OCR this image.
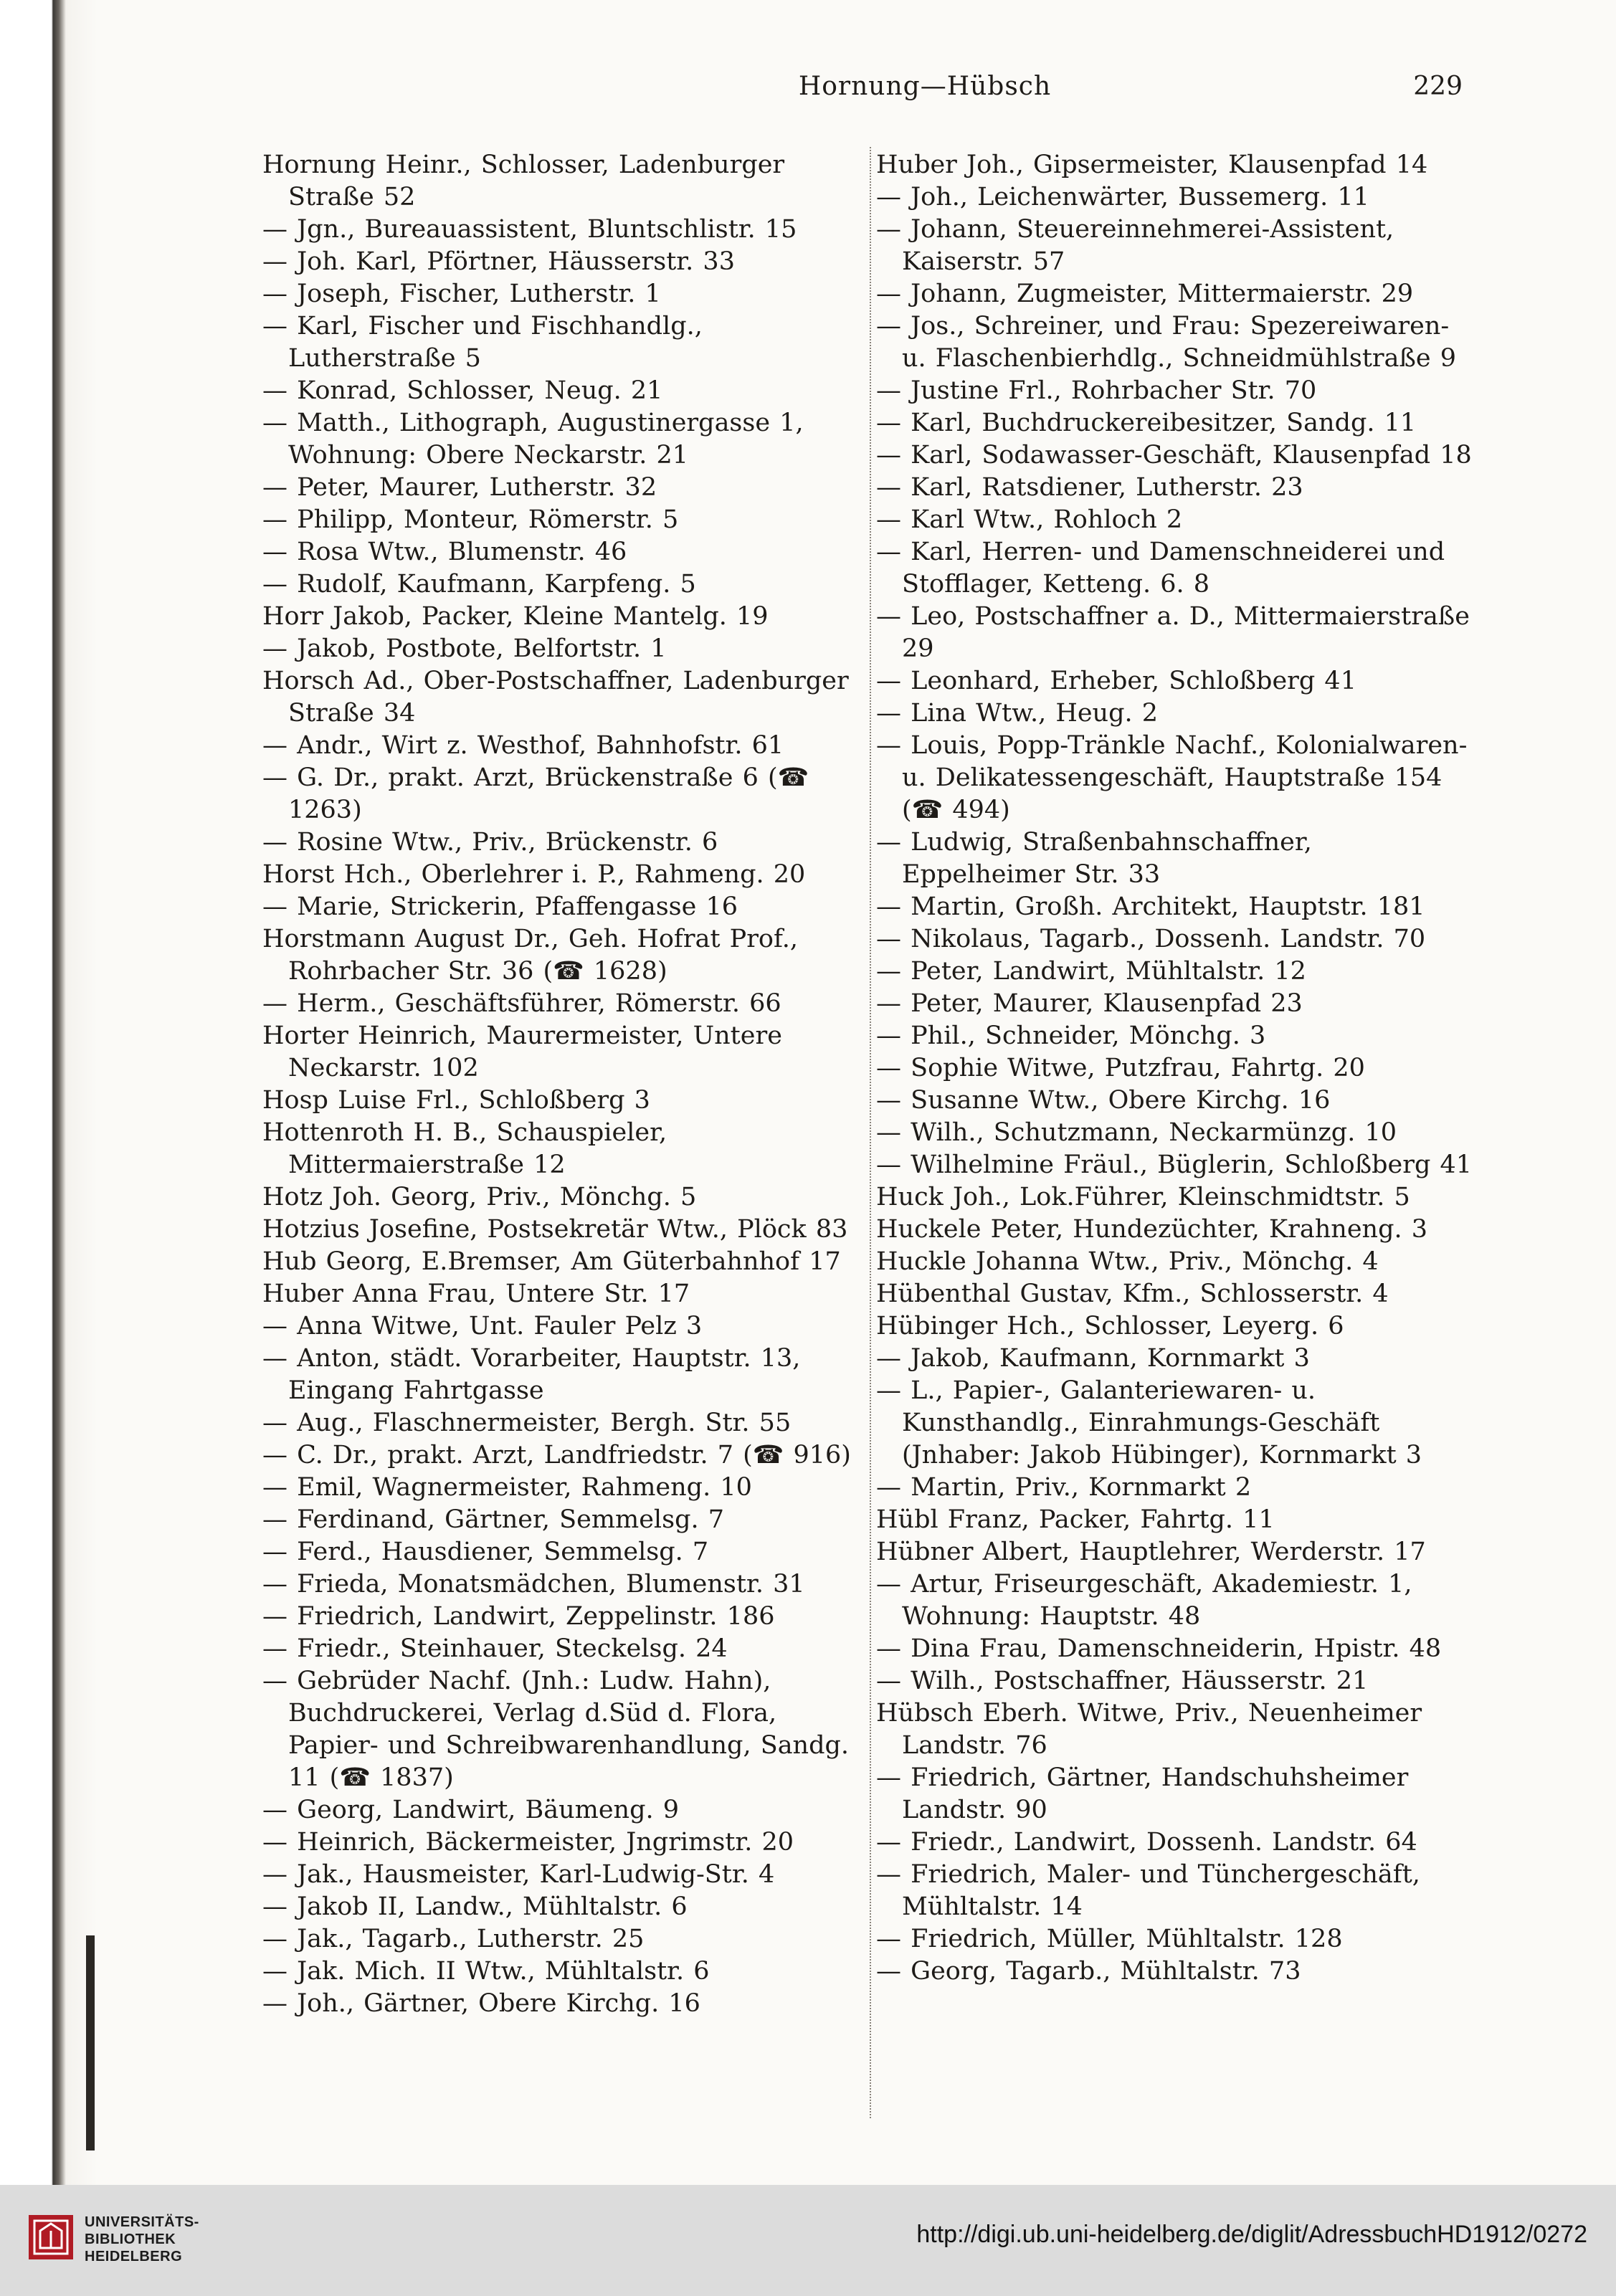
Hornung—Hübsch	229
Hornung Heinr., Schlosser, Ladenburger Straße 52
— Jgn., Bureauassistent, Bluntschlistr. 15
— Joh. Karl, Pförtner, Häusserstr. 33
— Joseph, Fischer, Lutherstr. 1
— Karl, Fischer und Fischhandlg., Lutherstraße 5
— Konrad, Schlosser, Neug. 21
— Matth., Lithograph, Augustinergasse 1, Wohnung: Obere Neckarstr. 21
— Peter, Maurer, Lutherstr. 32
— Philipp, Monteur, Römerstr. 5
— Rosa Wtw., Blumenstr. 46
— Rudolf, Kaufmann, Karpfeng. 5
Horr Jakob, Packer, Kleine Mantelg. 19
— Jakob, Postbote, Belfortstr. 1
Horsch Ad., Ober-Postschaffner, Ladenburger Straße 34
— Andr., Wirt z. Westhof, Bahnhofstr. 61
— G. Dr., prakt. Arzt, Brückenstraße 6 (☎ 1263)
— Rosine Wtw., Priv., Brückenstr. 6
Horst Hch., Oberlehrer i. P., Rahmeng. 20
— Marie, Strickerin, Pfaffengasse 16
Horstmann August Dr., Geh. Hofrat Prof., Rohrbacher Str. 36 (☎ 1628)
— Herm., Geschäftsführer, Römerstr. 66
Horter Heinrich, Maurermeister, Untere Neckarstr. 102
Hosp Luise Frl., Schloßberg 3
Hottenroth H. B., Schauspieler, Mittermaierstraße 12
Hotz Joh. Georg, Priv., Mönchg. 5
Hotzius Josefine, Postsekretär Wtw., Plöck 83
Hub Georg, E.Bremser, Am Güterbahnhof 17
Huber Anna Frau, Untere Str. 17
— Anna Witwe, Unt. Fauler Pelz 3
— Anton, städt. Vorarbeiter, Hauptstr. 13, Eingang Fahrtgasse
— Aug., Flaschnermeister, Bergh. Str. 55
— C. Dr., prakt. Arzt, Landfriedstr. 7 (☎ 916)
— Emil, Wagnermeister, Rahmeng. 10
— Ferdinand, Gärtner, Semmelsg. 7
— Ferd., Hausdiener, Semmelsg. 7
— Frieda, Monatsmädchen, Blumenstr. 31
— Friedrich, Landwirt, Zeppelinstr. 186
— Friedr., Steinhauer, Steckelsg. 24
— Gebrüder Nachf. (Jnh.: Ludw. Hahn), Buchdruckerei, Verlag d.Süd d. Flora, Papier- und Schreibwarenhandlung, Sandg. 11 (☎ 1837)
— Georg, Landwirt, Bäumeng. 9
— Heinrich, Bäckermeister, Jngrimstr. 20
— Jak., Hausmeister, Karl-Ludwig-Str. 4
— Jakob II, Landw., Mühltalstr. 6
— Jak., Tagarb., Lutherstr. 25
— Jak. Mich. II Wtw., Mühltalstr. 6
— Joh., Gärtner, Obere Kirchg. 16
Huber Joh., Gipsermeister, Klausenpfad 14
— Joh., Leichenwärter, Bussemerg. 11
— Johann, Steuereinnehmerei-Assistent, Kaiserstr. 57
— Johann, Zugmeister, Mittermaierstr. 29
— Jos., Schreiner, und Frau: Spezereiwaren- u. Flaschenbierhdlg., Schneidmühlstraße 9
— Justine Frl., Rohrbacher Str. 70
— Karl, Buchdruckereibesitzer, Sandg. 11
— Karl, Sodawasser-Geschäft, Klausenpfad 18
— Karl, Ratsdiener, Lutherstr. 23
— Karl Wtw., Rohloch 2
— Karl, Herren- und Damenschneiderei und Stofflager, Ketteng. 6. 8
— Leo, Postschaffner a. D., Mittermaierstraße 29
— Leonhard, Erheber, Schloßberg 41
— Lina Wtw., Heug. 2
— Louis, Popp-Tränkle Nachf., Kolonialwaren- u. Delikatessengeschäft, Hauptstraße 154 (☎ 494)
— Ludwig, Straßenbahnschaffner, Eppelheimer Str. 33
— Martin, Großh. Architekt, Hauptstr. 181
— Nikolaus, Tagarb., Dossenh. Landstr. 70
— Peter, Landwirt, Mühltalstr. 12
— Peter, Maurer, Klausenpfad 23
— Phil., Schneider, Mönchg. 3
— Sophie Witwe, Putzfrau, Fahrtg. 20
— Susanne Wtw., Obere Kirchg. 16
— Wilh., Schutzmann, Neckarmünzg. 10
— Wilhelmine Fräul., Büglerin, Schloßberg 41
Huck Joh., Lok.Führer, Kleinschmidtstr. 5
Huckele Peter, Hundezüchter, Krahneng. 3
Huckle Johanna Wtw., Priv., Mönchg. 4
Hübenthal Gustav, Kfm., Schlosserstr. 4
Hübinger Hch., Schlosser, Leyerg. 6
— Jakob, Kaufmann, Kornmarkt 3
— L., Papier-, Galanteriewaren- u. Kunsthandlg., Einrahmungs-Geschäft (Jnhaber: Jakob Hübinger), Kornmarkt 3
— Martin, Priv., Kornmarkt 2
Hübl Franz, Packer, Fahrtg. 11
Hübner Albert, Hauptlehrer, Werderstr. 17
— Artur, Friseurgeschäft, Akademiestr. 1, Wohnung: Hauptstr. 48
— Dina Frau, Damenschneiderin, Hpistr. 48
— Wilh., Postschaffner, Häusserstr. 21
Hübsch Eberh. Witwe, Priv., Neuenheimer Landstr. 76
— Friedrich, Gärtner, Handschuhsheimer Landstr. 90
— Friedr., Landwirt, Dossenh. Landstr. 64
— Friedrich, Maler- und Tünchergeschäft, Mühltalstr. 14
— Friedrich, Müller, Mühltalstr. 128
— Georg, Tagarb., Mühltalstr. 73
UNIVERSITÄTS-
BIBLIOTHEK
HEIDELBERG
http://digi.ub.uni-heidelberg.de/diglit/AdressbuchHD1912/0272
